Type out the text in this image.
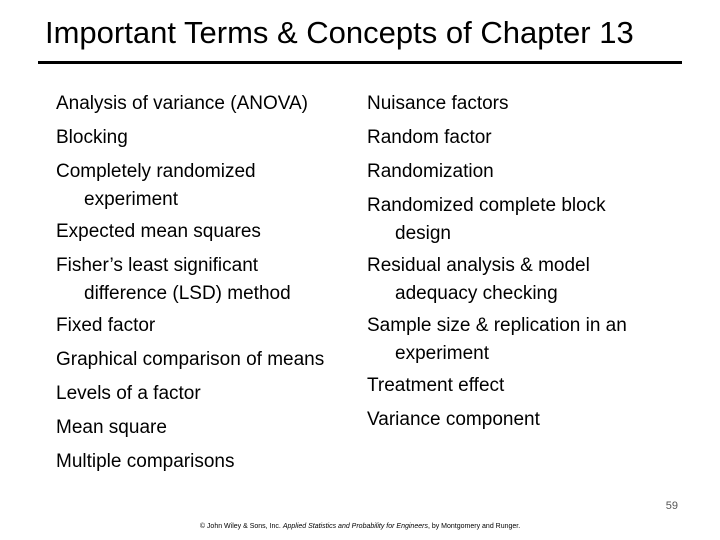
Important Terms & Concepts of Chapter 13
Analysis of variance (ANOVA)
Blocking
Completely randomized
experiment
Expected mean squares
Fisher’s least significant
difference (LSD) method
Fixed factor
Graphical comparison of means
Levels of a factor
Mean square
Multiple comparisons
Nuisance factors
Random factor
Randomization
Randomized complete block
design
Residual analysis & model
adequacy checking
Sample size & replication in an
experiment
Treatment effect
Variance component
59
© John Wiley & Sons, Inc. Applied Statistics and Probability for Engineers, by Montgomery and Runger.
